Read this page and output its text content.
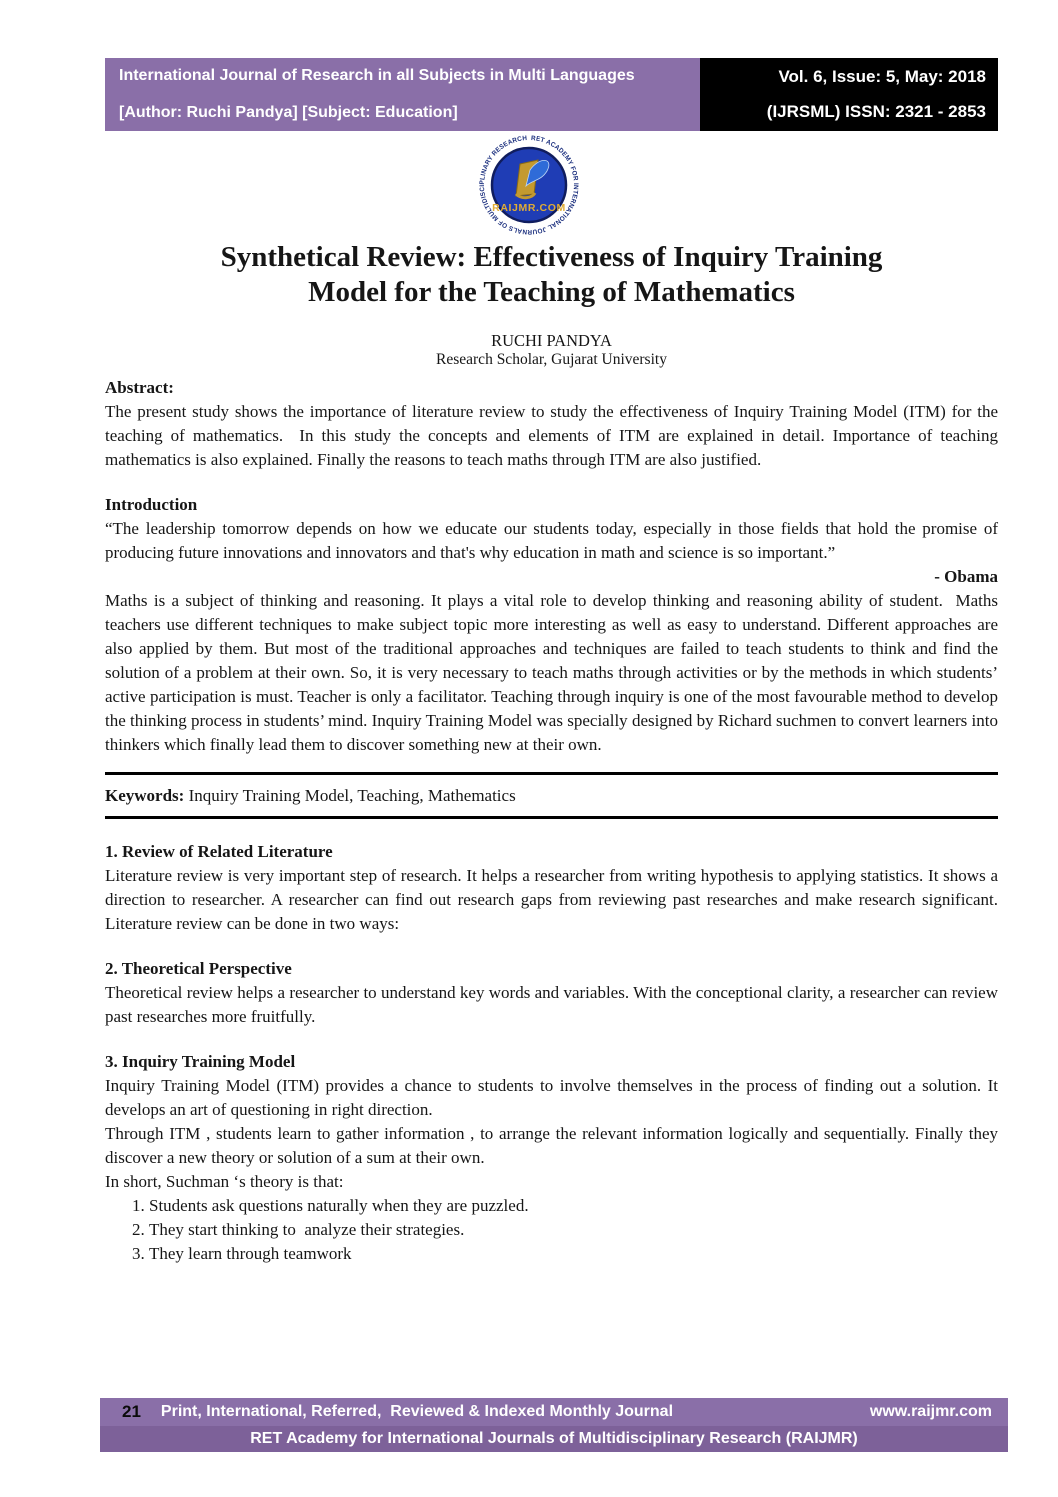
International Journal of Research in all Subjects in Multi Languages
[Author: Ruchi Pandya] [Subject: Education]
Vol. 6, Issue: 5, May: 2018
(IJRSML) ISSN: 2321 - 2853
RET ACADEMY FOR INTERNATIONAL JOURNALS OF MULTIDISCIPLINARY RESEARCH
RAIJMR.COM
Synthetical Review: Effectiveness of Inquiry Training
Model for the Teaching of Mathematics
RUCHI PANDYA
Research Scholar, Gujarat University
Abstract:

The present study shows the importance of literature review to study the effectiveness of Inquiry Training Model (ITM) for the teaching of mathematics.  In this study the concepts and elements of ITM are explained in detail. Importance of teaching mathematics is also explained. Finally the reasons to teach maths through ITM are also justified.

Introduction

“The leadership tomorrow depends on how we educate our students today, especially in those fields that hold the promise of producing future innovations and innovators and that's why education in math and science is so important.”

- Obama

Maths is a subject of thinking and reasoning. It plays a vital role to develop thinking and reasoning ability of student.  Maths teachers use different techniques to make subject topic more interesting as well as easy to understand. Different approaches are also applied by them. But most of the traditional approaches and techniques are failed to teach students to think and find the solution of a problem at their own. So, it is very necessary to teach maths through activities or by the methods in which students’ active participation is must. Teacher is only a facilitator. Teaching through inquiry is one of the most favourable method to develop the thinking process in students’ mind. Inquiry Training Model was specially designed by Richard suchmen to convert learners into thinkers which finally lead them to discover something new at their own.

Keywords: Inquiry Training Model, Teaching, Mathematics
1. Review of Related Literature

Literature review is very important step of research. It helps a researcher from writing hypothesis to applying statistics. It shows a direction to researcher. A researcher can find out research gaps from reviewing past researches and make research significant. Literature review can be done in two ways:

2. Theoretical Perspective

Theoretical review helps a researcher to understand key words and variables. With the conceptional clarity, a researcher can review past researches more fruitfully.

3. Inquiry Training Model

Inquiry Training Model (ITM) provides a chance to students to involve themselves in the process of finding out a solution. It develops an art of questioning in right direction.

Through ITM , students learn to gather information , to arrange the relevant information logically and sequentially. Finally they discover a new theory or solution of a sum at their own.

In short, Suchman ‘s theory is that:

1. Students ask questions naturally when they are puzzled.
2. They start thinking to  analyze their strategies.
3. They learn through teamwork
21 Print, International, Referred,  Reviewed & Indexed Monthly Journal	www.raijmr.com
RET Academy for International Journals of Multidisciplinary Research (RAIJMR)
